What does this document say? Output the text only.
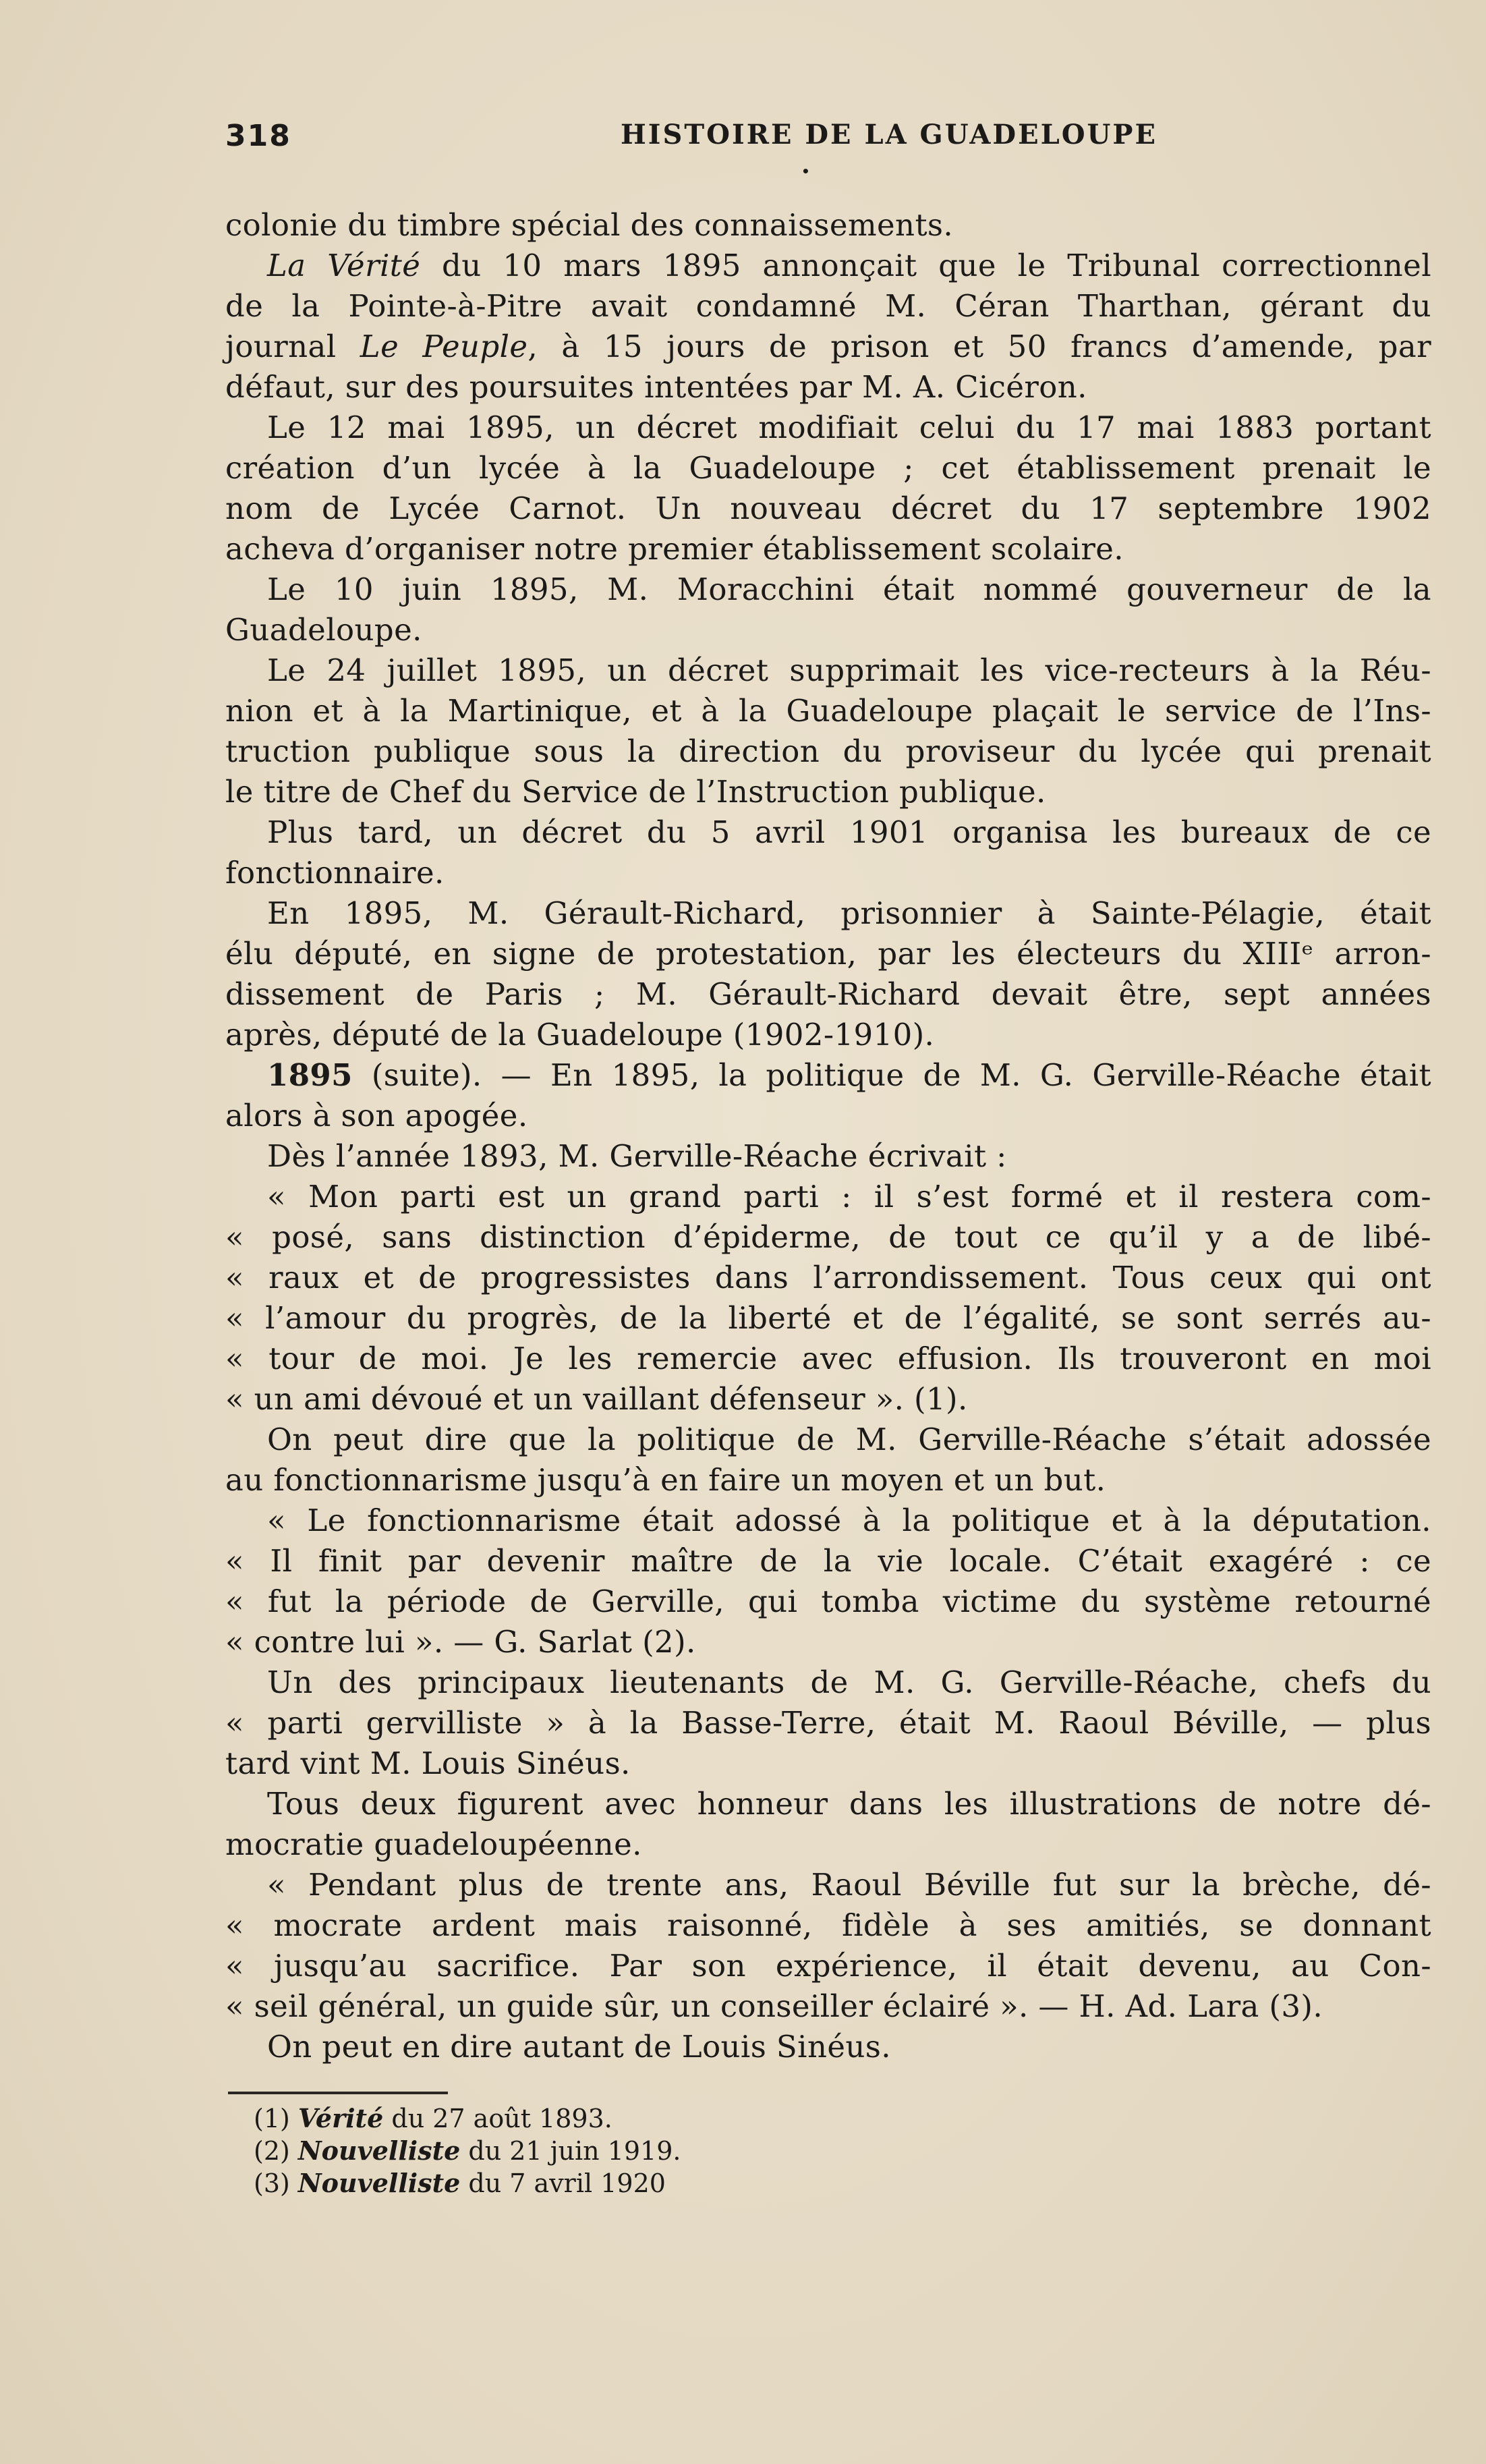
318	HISTOIRE DE LA GUADELOUPE
•
colonie du timbre spécial des connaissements.
La Vérité du 10 mars 1895 annonçait que le Tribunal correctionnel
de la Pointe-à-Pitre avait condamné M. Céran Tharthan, gérant du
journal Le Peuple, à 15 jours de prison et 50 francs d’amende, par
défaut, sur des poursuites intentées par M. A. Cicéron.
Le 12 mai 1895, un décret modifiait celui du 17 mai 1883 portant
création d’un lycée à la Guadeloupe ; cet établissement prenait le
nom de Lycée Carnot. Un nouveau décret du 17 septembre 1902
acheva d’organiser notre premier établissement scolaire.
Le 10 juin 1895, M. Moracchini était nommé gouverneur de la
Guadeloupe.
Le 24 juillet 1895, un décret supprimait les vice-recteurs à la Réu-
nion et à la Martinique, et à la Guadeloupe plaçait le service de l’Ins-
truction publique sous la direction du proviseur du lycée qui prenait
le titre de Chef du Service de l’Instruction publique.
Plus tard, un décret du 5 avril 1901 organisa les bureaux de ce
fonctionnaire.
En 1895, M. Gérault-Richard, prisonnier à Sainte-Pélagie, était
élu député, en signe de protestation, par les électeurs du XIIIᵉ arron-
dissement de Paris ; M. Gérault-Richard devait être, sept années
après, député de la Guadeloupe (1902-1910).
1895 (suite). — En 1895, la politique de M. G. Gerville-Réache était
alors à son apogée.
Dès l’année 1893, M. Gerville-Réache écrivait :
« Mon parti est un grand parti : il s’est formé et il restera com-
« posé, sans distinction d’épiderme, de tout ce qu’il y a de libé-
« raux et de progressistes dans l’arrondissement. Tous ceux qui ont
« l’amour du progrès, de la liberté et de l’égalité, se sont serrés au-
« tour de moi. Je les remercie avec effusion. Ils trouveront en moi
« un ami dévoué et un vaillant défenseur ». (1).
On peut dire que la politique de M. Gerville-Réache s’était adossée
au fonctionnarisme jusqu’à en faire un moyen et un but.
« Le fonctionnarisme était adossé à la politique et à la députation.
« Il finit par devenir maître de la vie locale. C’était exagéré : ce
« fut la période de Gerville, qui tomba victime du système retourné
« contre lui ». — G. Sarlat (2).
Un des principaux lieutenants de M. G. Gerville-Réache, chefs du
« parti gervilliste » à la Basse-Terre, était M. Raoul Béville, — plus
tard vint M. Louis Sinéus.
Tous deux figurent avec honneur dans les illustrations de notre dé-
mocratie guadeloupéenne.
« Pendant plus de trente ans, Raoul Béville fut sur la brèche, dé-
« mocrate ardent mais raisonné, fidèle à ses amitiés, se donnant
« jusqu’au sacrifice. Par son expérience, il était devenu, au Con-
« seil général, un guide sûr, un conseiller éclairé ». — H. Ad. Lara (3).
On peut en dire autant de Louis Sinéus.
(1) Vérité du 27 août 1893.
(2) Nouvelliste du 21 juin 1919.
(3) Nouvelliste du 7 avril 1920
